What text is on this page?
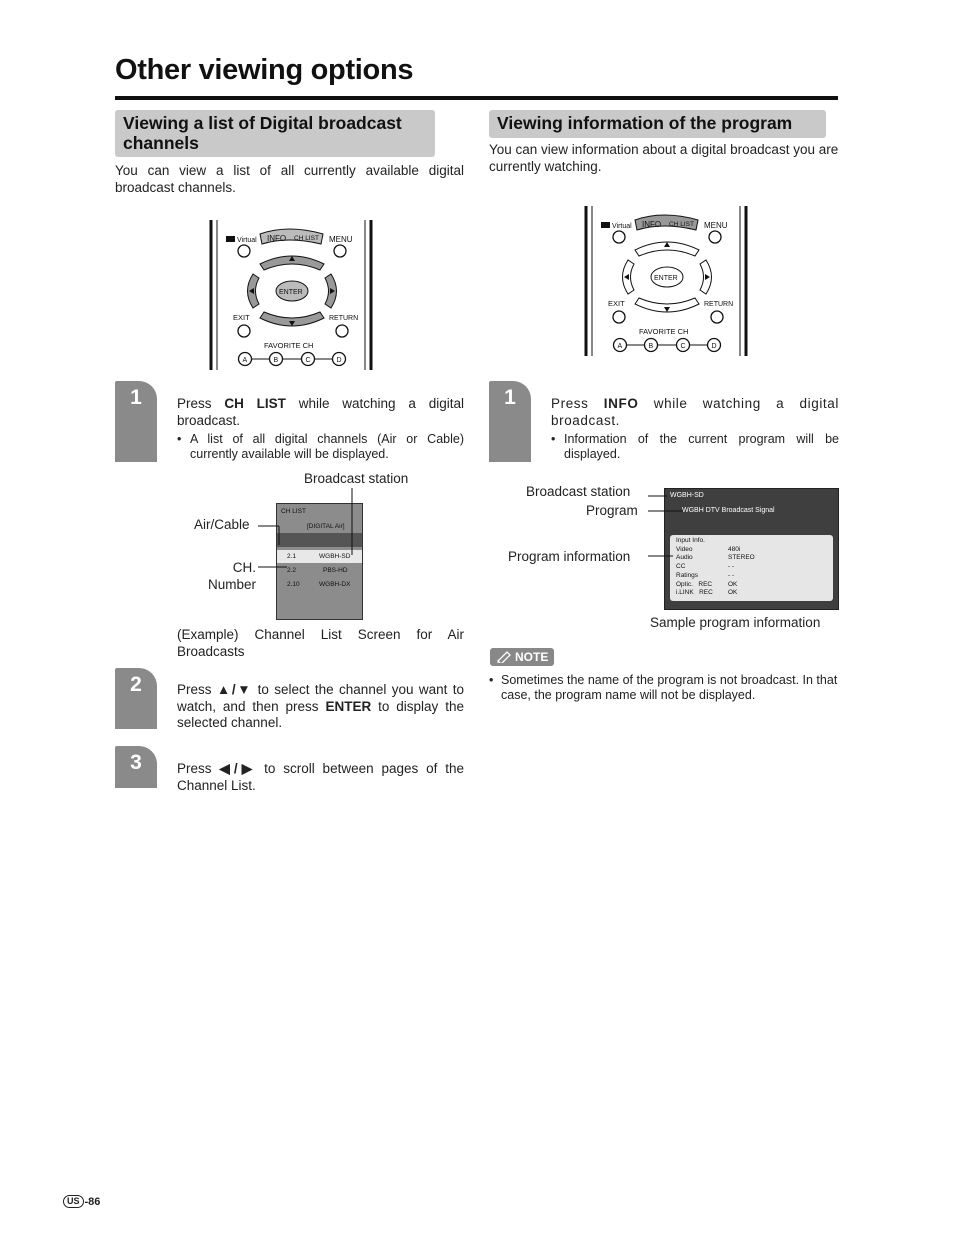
Other viewing options
Viewing a list of Digital broadcast channels
You can view a list of all currently available digital broadcast channels.
Virtual INFO CH LIST MENU
ENTER
EXIT	RETURN
FAVORITE CH
A	B	C	D
1	Press CH LIST while watching a digital broadcast.
• A list of all digital channels (Air or Cable) currently available will be displayed.
Broadcast station
Air/Cable
CH. Number
CH LIST
[DIGITAL Air]
2.1	WGBH-SD
2.2	PBS-HD
2.10	WGBH-DX
(Example) Channel List Screen for Air Broadcasts
2	Press ▲/▼ to select the channel you want to watch, and then press ENTER to display the selected channel.
3	Press ◀/▶ to scroll between pages of the Channel List.
Viewing information of the program
You can view information about a digital broadcast you are currently watching.
Virtual INFO CH LIST MENU
ENTER
EXIT	RETURN
FAVORITE CH
A	B	C	D
1	Press INFO while watching a digital broadcast.
• Information of the current program will be displayed.
Broadcast station
Program
Program information
WGBH-SD
WGBH DTV Broadcast Signal
Input Info.
Video	480i
Audio	STEREO
CC	- -
Ratings	- -
Optic.   REC	OK
i.LINK   REC	OK
Sample program information
NOTE
• Sometimes the name of the program is not broadcast. In that case, the program name will not be displayed.
US -86
